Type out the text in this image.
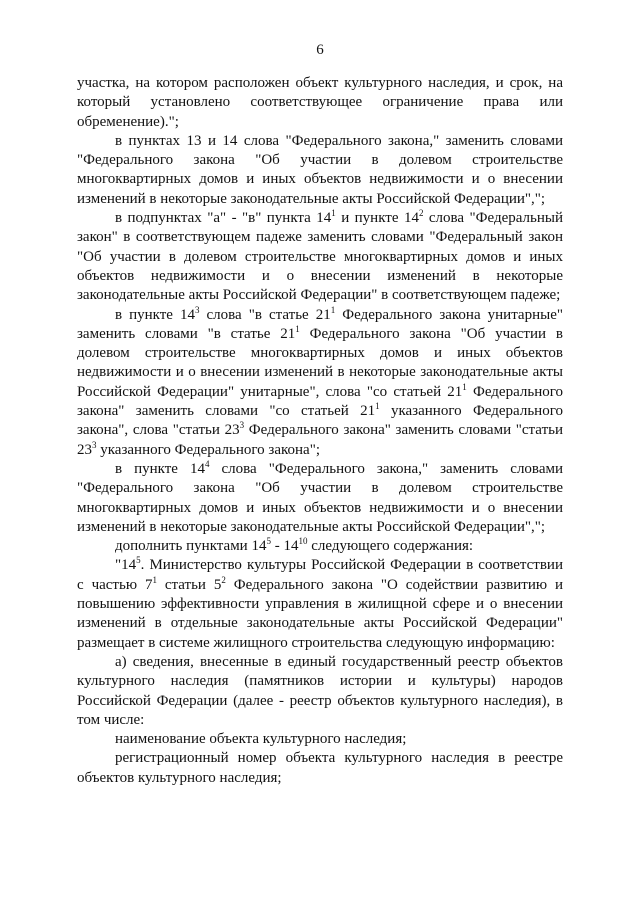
6

участка, на котором расположен объект культурного наследия, и срок, на который установлено соответствующее ограничение права или обременение).";

в пунктах 13 и 14 слова "Федерального закона," заменить словами "Федерального закона "Об участии в долевом строительстве многоквартирных домов и иных объектов недвижимости и о внесении изменений в некоторые законодательные акты Российской Федерации",";

в подпунктах "а" - "в" пункта $14^1$ и пункте $14^2$ слова "Федеральный закон" в соответствующем падеже заменить словами "Федеральный закон "Об участии в долевом строительстве многоквартирных домов и иных объектов недвижимости и о внесении изменений в некоторые законодательные акты Российской Федерации" в соответствующем падеже;

в пункте $14^3$ слова "в статье $21^1$ Федерального закона унитарные" заменить словами "в статье $21^1$ Федерального закона "Об участии в долевом строительстве многоквартирных домов и иных объектов недвижимости и о внесении изменений в некоторые законодательные акты Российской Федерации" унитарные", слова "со статьей $21^1$ Федерального закона" заменить словами "со статьей $21^1$ указанного Федерального закона", слова "статьи $23^3$ Федерального закона" заменить словами "статьи $23^3$ указанного Федерального закона";

в пункте $14^4$ слова "Федерального закона," заменить словами "Федерального закона "Об участии в долевом строительстве многоквартирных домов и иных объектов недвижимости и о внесении изменений в некоторые законодательные акты Российской Федерации",";

дополнить пунктами $14^5 - 14^{10}$ следующего содержания:

"$14^5$. Министерство культуры Российской Федерации в соответствии с частью $7^1$ статьи $5^2$ Федерального закона "О содействии развитию и повышению эффективности управления в жилищной сфере и о внесении изменений в отдельные законодательные акты Российской Федерации" размещает в системе жилищного строительства следующую информацию:

а) сведения, внесенные в единый государственный реестр объектов культурного наследия (памятников истории и культуры) народов Российской Федерации (далее - реестр объектов культурного наследия), в том числе:

наименование объекта культурного наследия;

регистрационный номер объекта культурного наследия в реестре объектов культурного наследия;
